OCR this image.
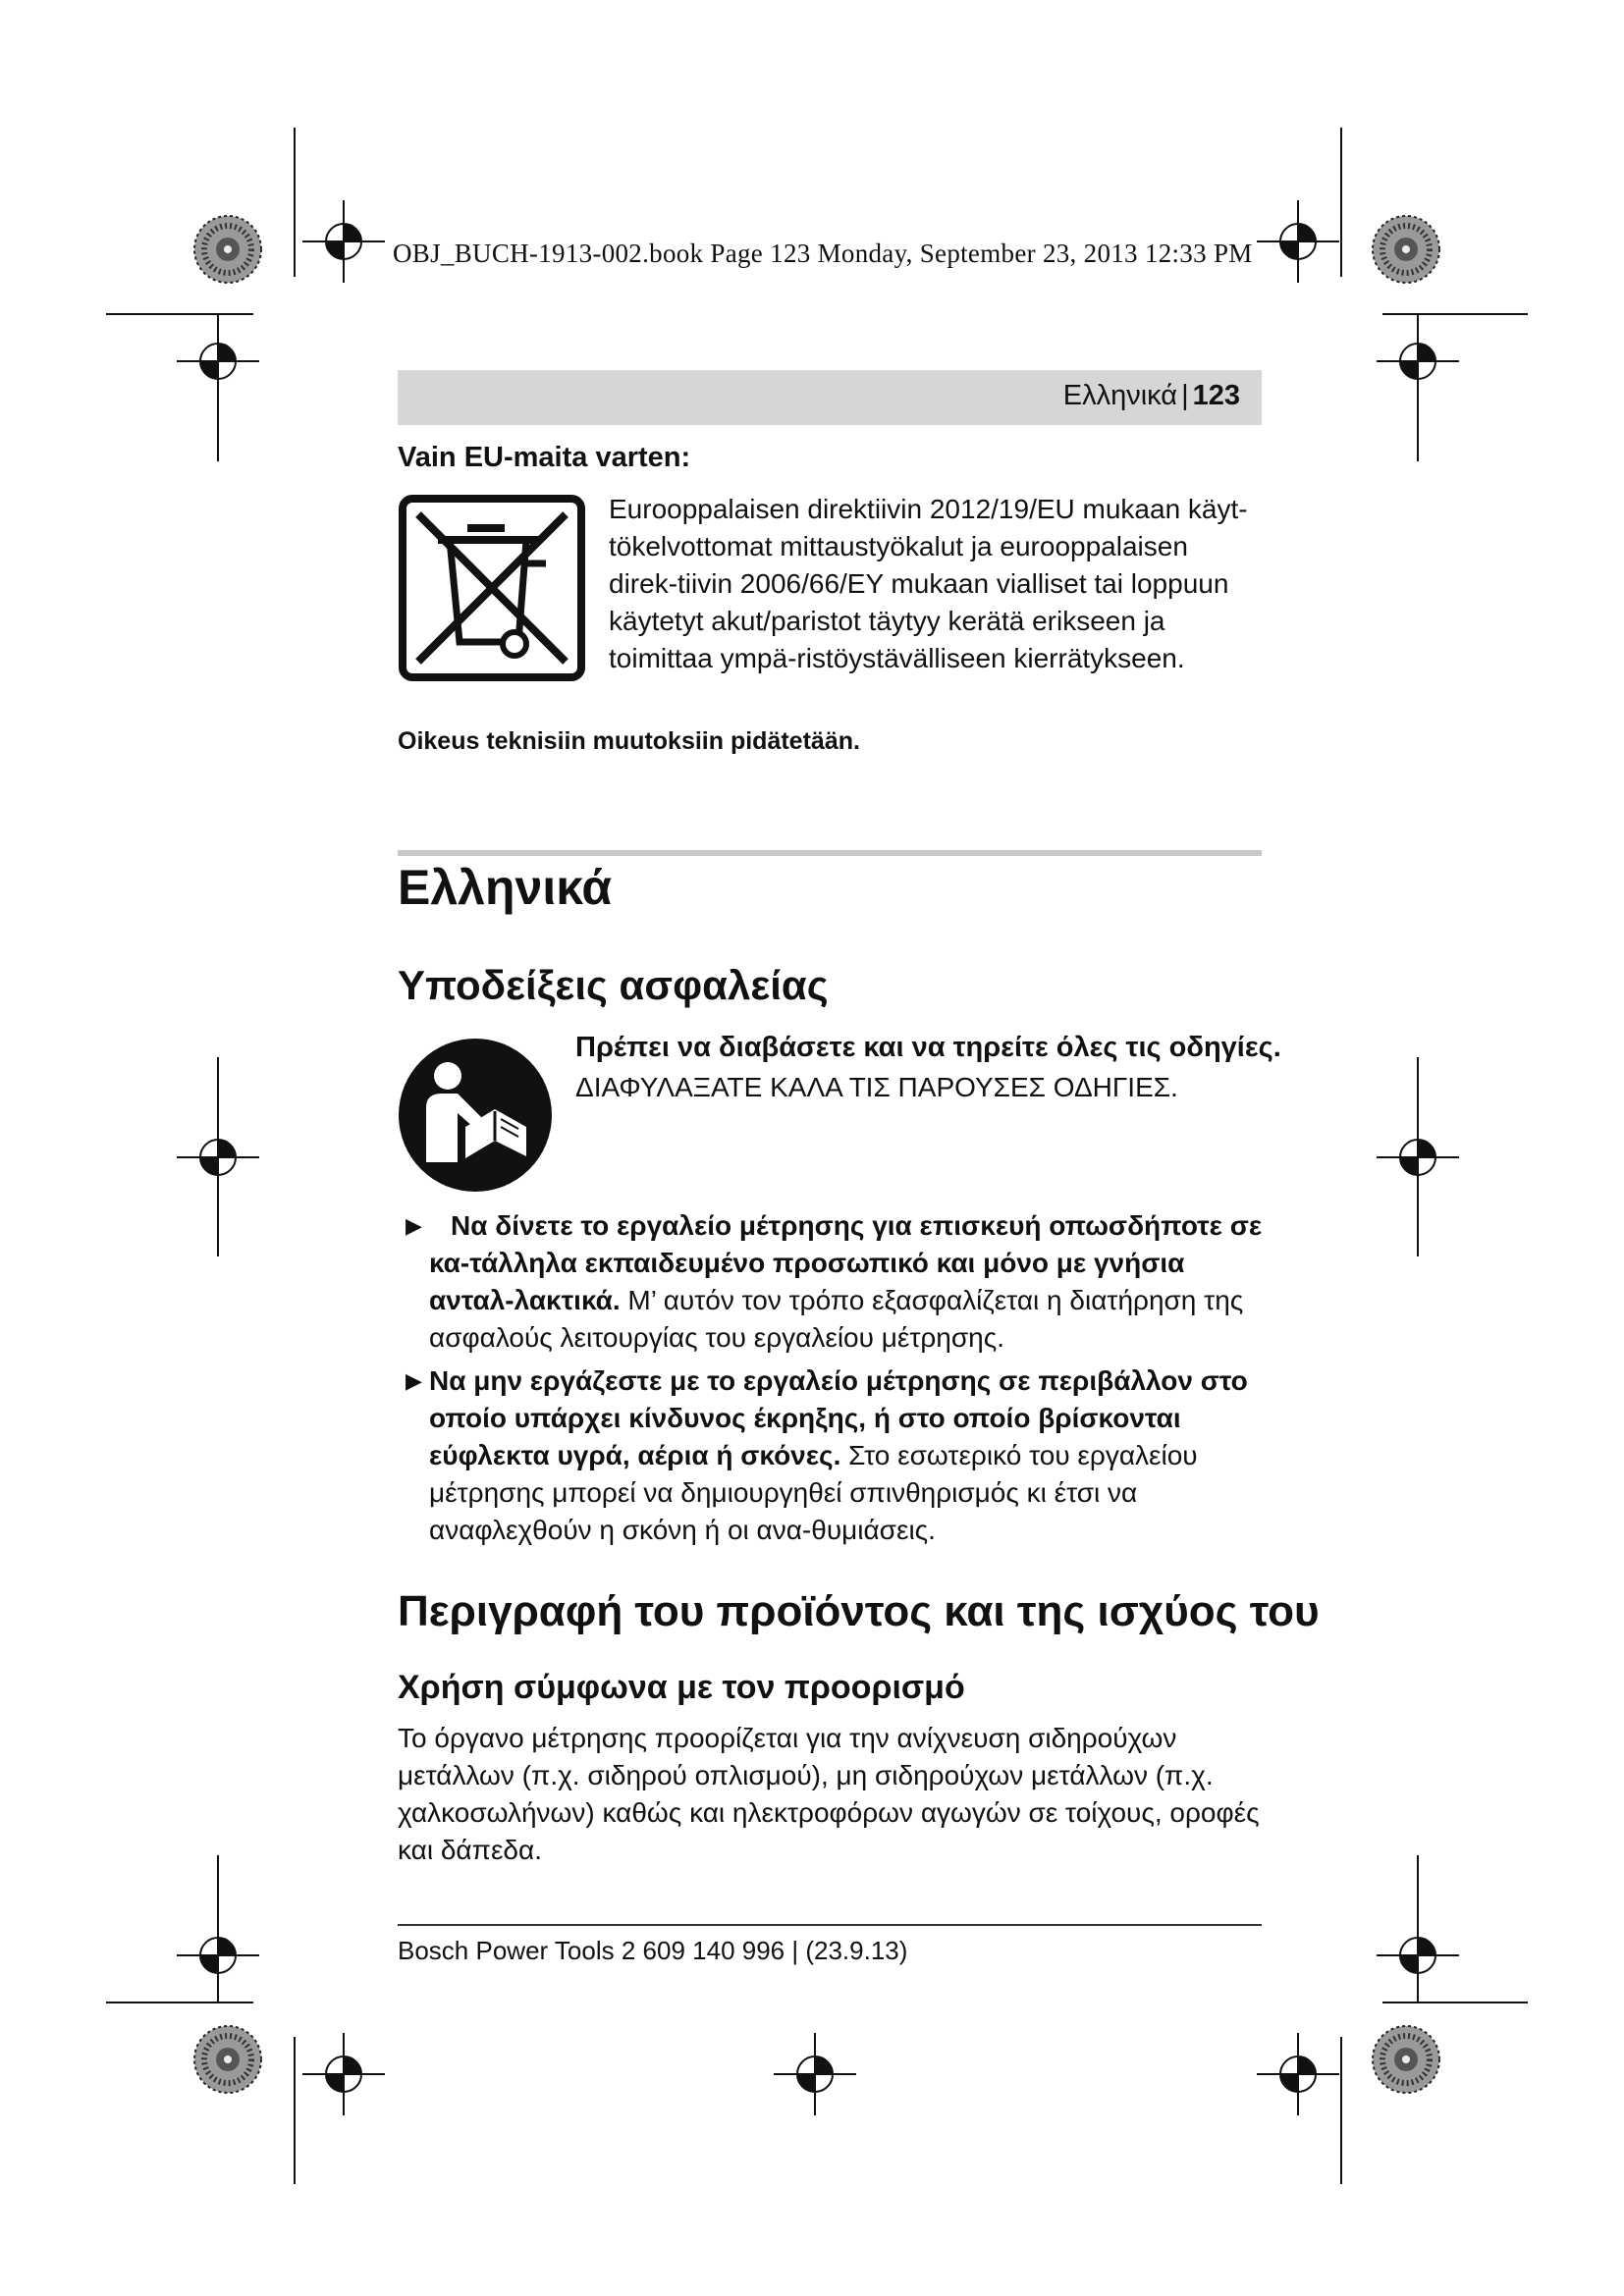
OBJ_BUCH-1913-002.book Page 123 Monday, September 23, 2013 12:33 PM
Ελληνικά | 123
Vain EU-maita varten:
Eurooppalaisen direktiivin 2012/19/EU mukaan käyt-tökelvottomat mittaustyökalut ja eurooppalaisen direk-tiivin 2006/66/EY mukaan vialliset tai loppuun käytetyt akut/paristot täytyy kerätä erikseen ja toimittaa ympä-ristöystävälliseen kierrätykseen.
Oikeus teknisiin muutoksiin pidätetään.
Ελληνικά
Υποδείξεις ασφαλείας
Πρέπει να διαβάσετε και να τηρείτε όλες τις οδηγίες.
ΔΙΑΦΥΛΑΞΑΤΕ ΚΑΛΑ ΤΙΣ ΠΑΡΟΥΣΕΣ ΟΔΗΓΙΕΣ.
▶ Να δίνετε το εργαλείο μέτρησης για επισκευή οπωσδήποτε σε κα-τάλληλα εκπαιδευμένο προσωπικό και μόνο με γνήσια ανταλ-λακτικά. Μ’ αυτόν τον τρόπο εξασφαλίζεται η διατήρηση της ασφαλούς λειτουργίας του εργαλείου μέτρησης.
▶ Να μην εργάζεστε με το εργαλείο μέτρησης σε περιβάλλον στο οποίο υπάρχει κίνδυνος έκρηξης, ή στο οποίο βρίσκονται εύφλεκτα υγρά, αέρια ή σκόνες. Στο εσωτερικό του εργαλείου μέτρησης μπορεί να δημιουργηθεί σπινθηρισμός κι έτσι να αναφλεχθούν η σκόνη ή οι ανα-θυμιάσεις.
Περιγραφή του προϊόντος και της ισχύος του
Χρήση σύμφωνα με τον προορισμό
Το όργανο μέτρησης προορίζεται για την ανίχνευση σιδηρούχων μετάλλων (π.χ. σιδηρού οπλισμού), μη σιδηρούχων μετάλλων (π.χ. χαλκοσωλήνων) καθώς και ηλεκτροφόρων αγωγών σε τοίχους, οροφές και δάπεδα.
Bosch Power Tools 2 609 140 996 | (23.9.13)
